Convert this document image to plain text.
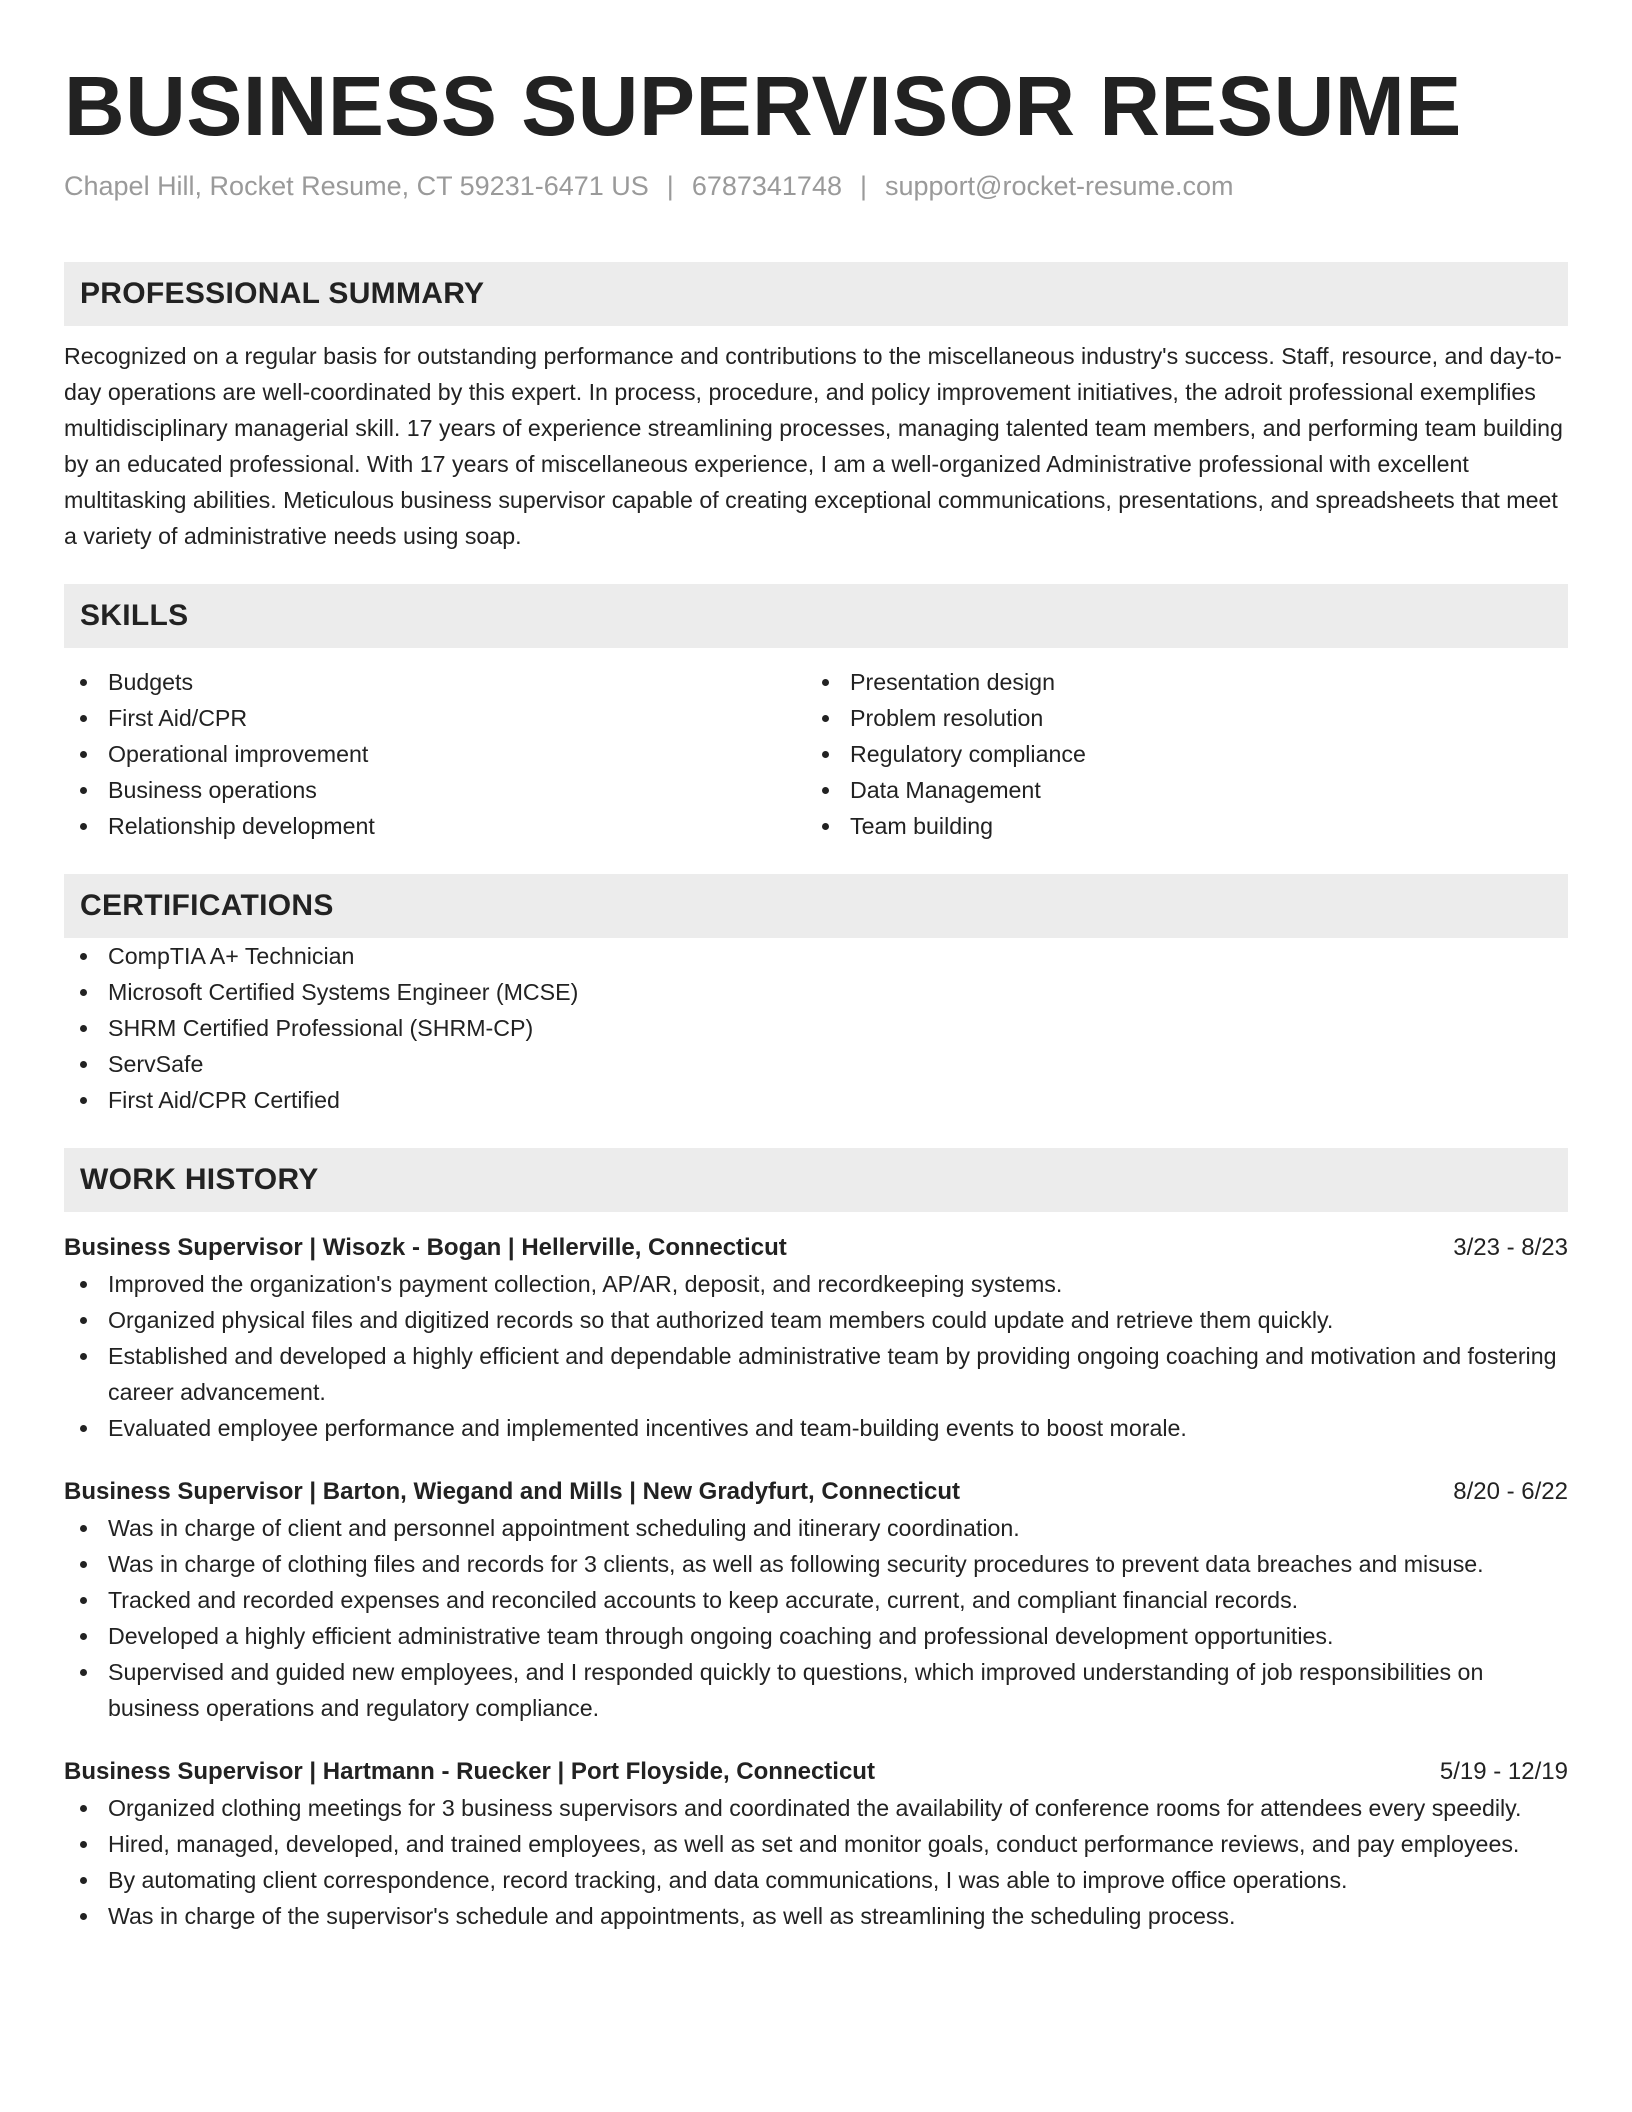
BUSINESS SUPERVISOR RESUME
Chapel Hill, Rocket Resume, CT 59231-6471 US | 6787341748 | support@rocket-resume.com
PROFESSIONAL SUMMARY

Recognized on a regular basis for outstanding performance and contributions to the miscellaneous industry's success. Staff, resource, and day-to-day operations are well-coordinated by this expert. In process, procedure, and policy improvement initiatives, the adroit professional exemplifies multidisciplinary managerial skill. 17 years of experience streamlining processes, managing talented team members, and performing team building by an educated professional. With 17 years of miscellaneous experience, I am a well-organized Administrative professional with excellent multitasking abilities. Meticulous business supervisor capable of creating exceptional communications, presentations, and spreadsheets that meet a variety of administrative needs using soap.

SKILLS
Budgets
First Aid/CPR
Operational improvement
Business operations
Relationship development
Presentation design
Problem resolution
Regulatory compliance
Data Management
Team building
CERTIFICATIONS
CompTIA A+ Technician
Microsoft Certified Systems Engineer (MCSE)
SHRM Certified Professional (SHRM-CP)
ServSafe
First Aid/CPR Certified
WORK HISTORY
Business Supervisor | Wisozk - Bogan | Hellerville, Connecticut	3/23 - 8/23
Improved the organization's payment collection, AP/AR, deposit, and recordkeeping systems.
Organized physical files and digitized records so that authorized team members could update and retrieve them quickly.
Established and developed a highly efficient and dependable administrative team by providing ongoing coaching and motivation and fostering career advancement.
Evaluated employee performance and implemented incentives and team-building events to boost morale.
Business Supervisor | Barton, Wiegand and Mills | New Gradyfurt, Connecticut	8/20 - 6/22
Was in charge of client and personnel appointment scheduling and itinerary coordination.
Was in charge of clothing files and records for 3 clients, as well as following security procedures to prevent data breaches and misuse.
Tracked and recorded expenses and reconciled accounts to keep accurate, current, and compliant financial records.
Developed a highly efficient administrative team through ongoing coaching and professional development opportunities.
Supervised and guided new employees, and I responded quickly to questions, which improved understanding of job responsibilities on business operations and regulatory compliance.
Business Supervisor | Hartmann - Ruecker | Port Floyside, Connecticut	5/19 - 12/19
Organized clothing meetings for 3 business supervisors and coordinated the availability of conference rooms for attendees every speedily.
Hired, managed, developed, and trained employees, as well as set and monitor goals, conduct performance reviews, and pay employees.
By automating client correspondence, record tracking, and data communications, I was able to improve office operations.
Was in charge of the supervisor's schedule and appointments, as well as streamlining the scheduling process.
